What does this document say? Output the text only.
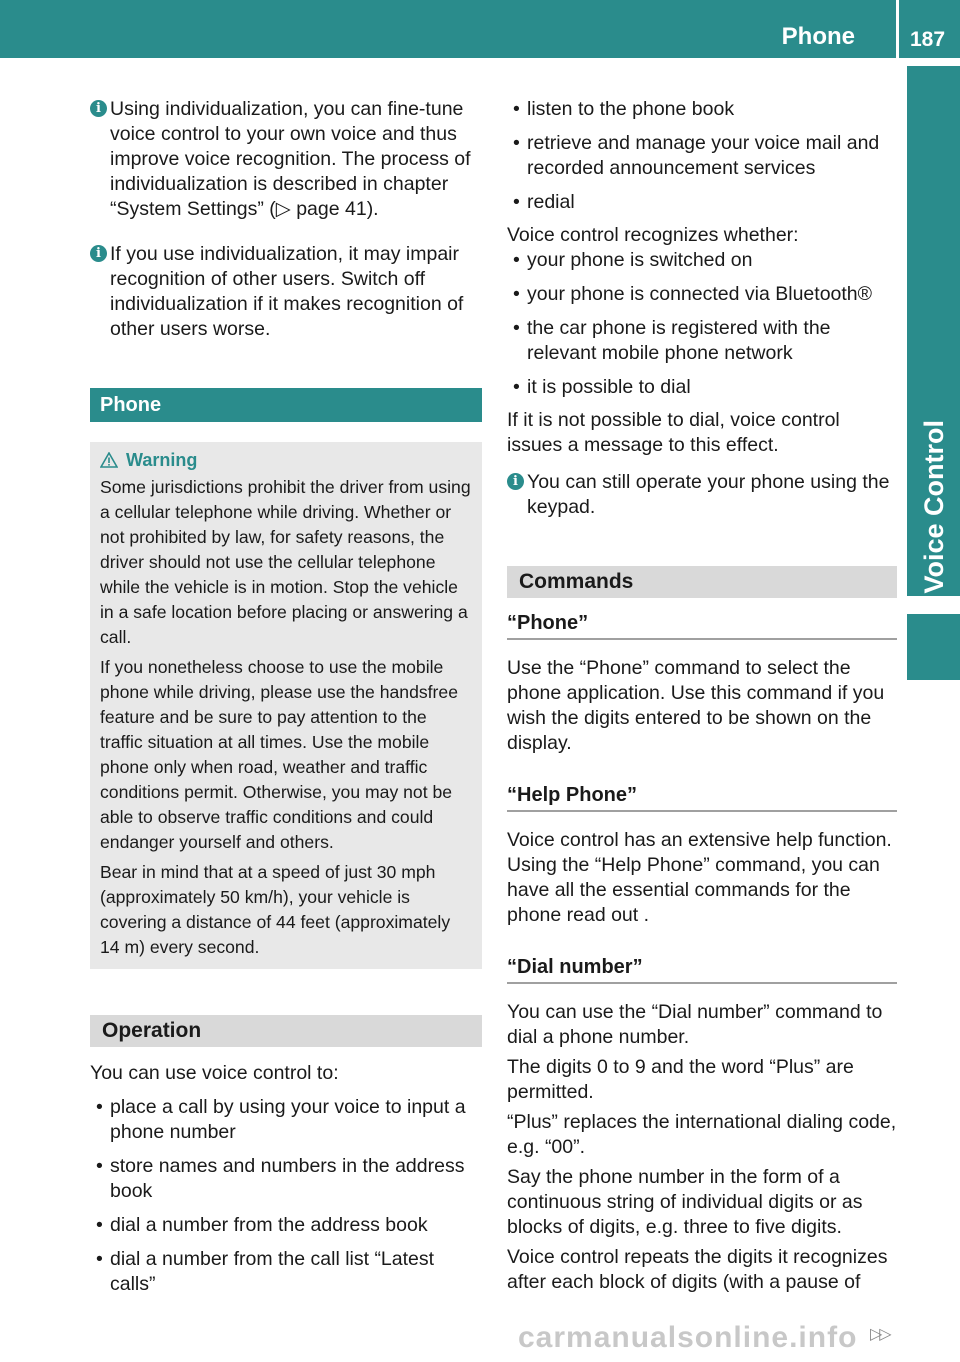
Phone	187
Voice Control
i Using individualization, you can fine-tune voice control to your own voice and thus improve voice recognition. The process of individualization is described in chapter “System Settings” (▷ page 41).

i If you use individualization, it may impair recognition of other users. Switch off individualization if it makes recognition of other users worse.

Phone
Warning

Some jurisdictions prohibit the driver from using a cellular telephone while driving. Whether or not prohibited by law, for safety reasons, the driver should not use the cellular telephone while the vehicle is in motion. Stop the vehicle in a safe location before placing or answering a call.

If you nonetheless choose to use the mobile phone while driving, please use the handsfree feature and be sure to pay attention to the traffic situation at all times. Use the mobile phone only when road, weather and traffic conditions permit. Otherwise, you may not be able to observe traffic conditions and could endanger yourself and others.

Bear in mind that at a speed of just 30 mph (approximately 50 km/h), your vehicle is covering a distance of 44 feet (approximately 14 m) every second.

Operation

You can use voice control to:

• place a call by using your voice to input a phone number
• store names and numbers in the address book
• dial a number from the address book
• dial a number from the call list “Latest calls”
• listen to the phone book
• retrieve and manage your voice mail and recorded announcement services
• redial

Voice control recognizes whether:

• your phone is switched on
• your phone is connected via Bluetooth®
• the car phone is registered with the relevant mobile phone network
• it is possible to dial

If it is not possible to dial, voice control issues a message to this effect.

i You can still operate your phone using the keypad.

Commands
“Phone”

Use the “Phone” command to select the phone application. Use this command if you wish the digits entered to be shown on the display.

“Help Phone”

Voice control has an extensive help function. Using the “Help Phone” command, you can have all the essential commands for the phone read out .

“Dial number”

You can use the “Dial number” command to dial a phone number.

The digits 0 to 9 and the word “Plus” are permitted.

“Plus” replaces the international dialing code, e.g. “00”.

Say the phone number in the form of a continuous string of individual digits or as blocks of digits, e.g. three to five digits.

Voice control repeats the digits it recognizes after each block of digits (with a pause of

▷▷
carmanualsonline.info
